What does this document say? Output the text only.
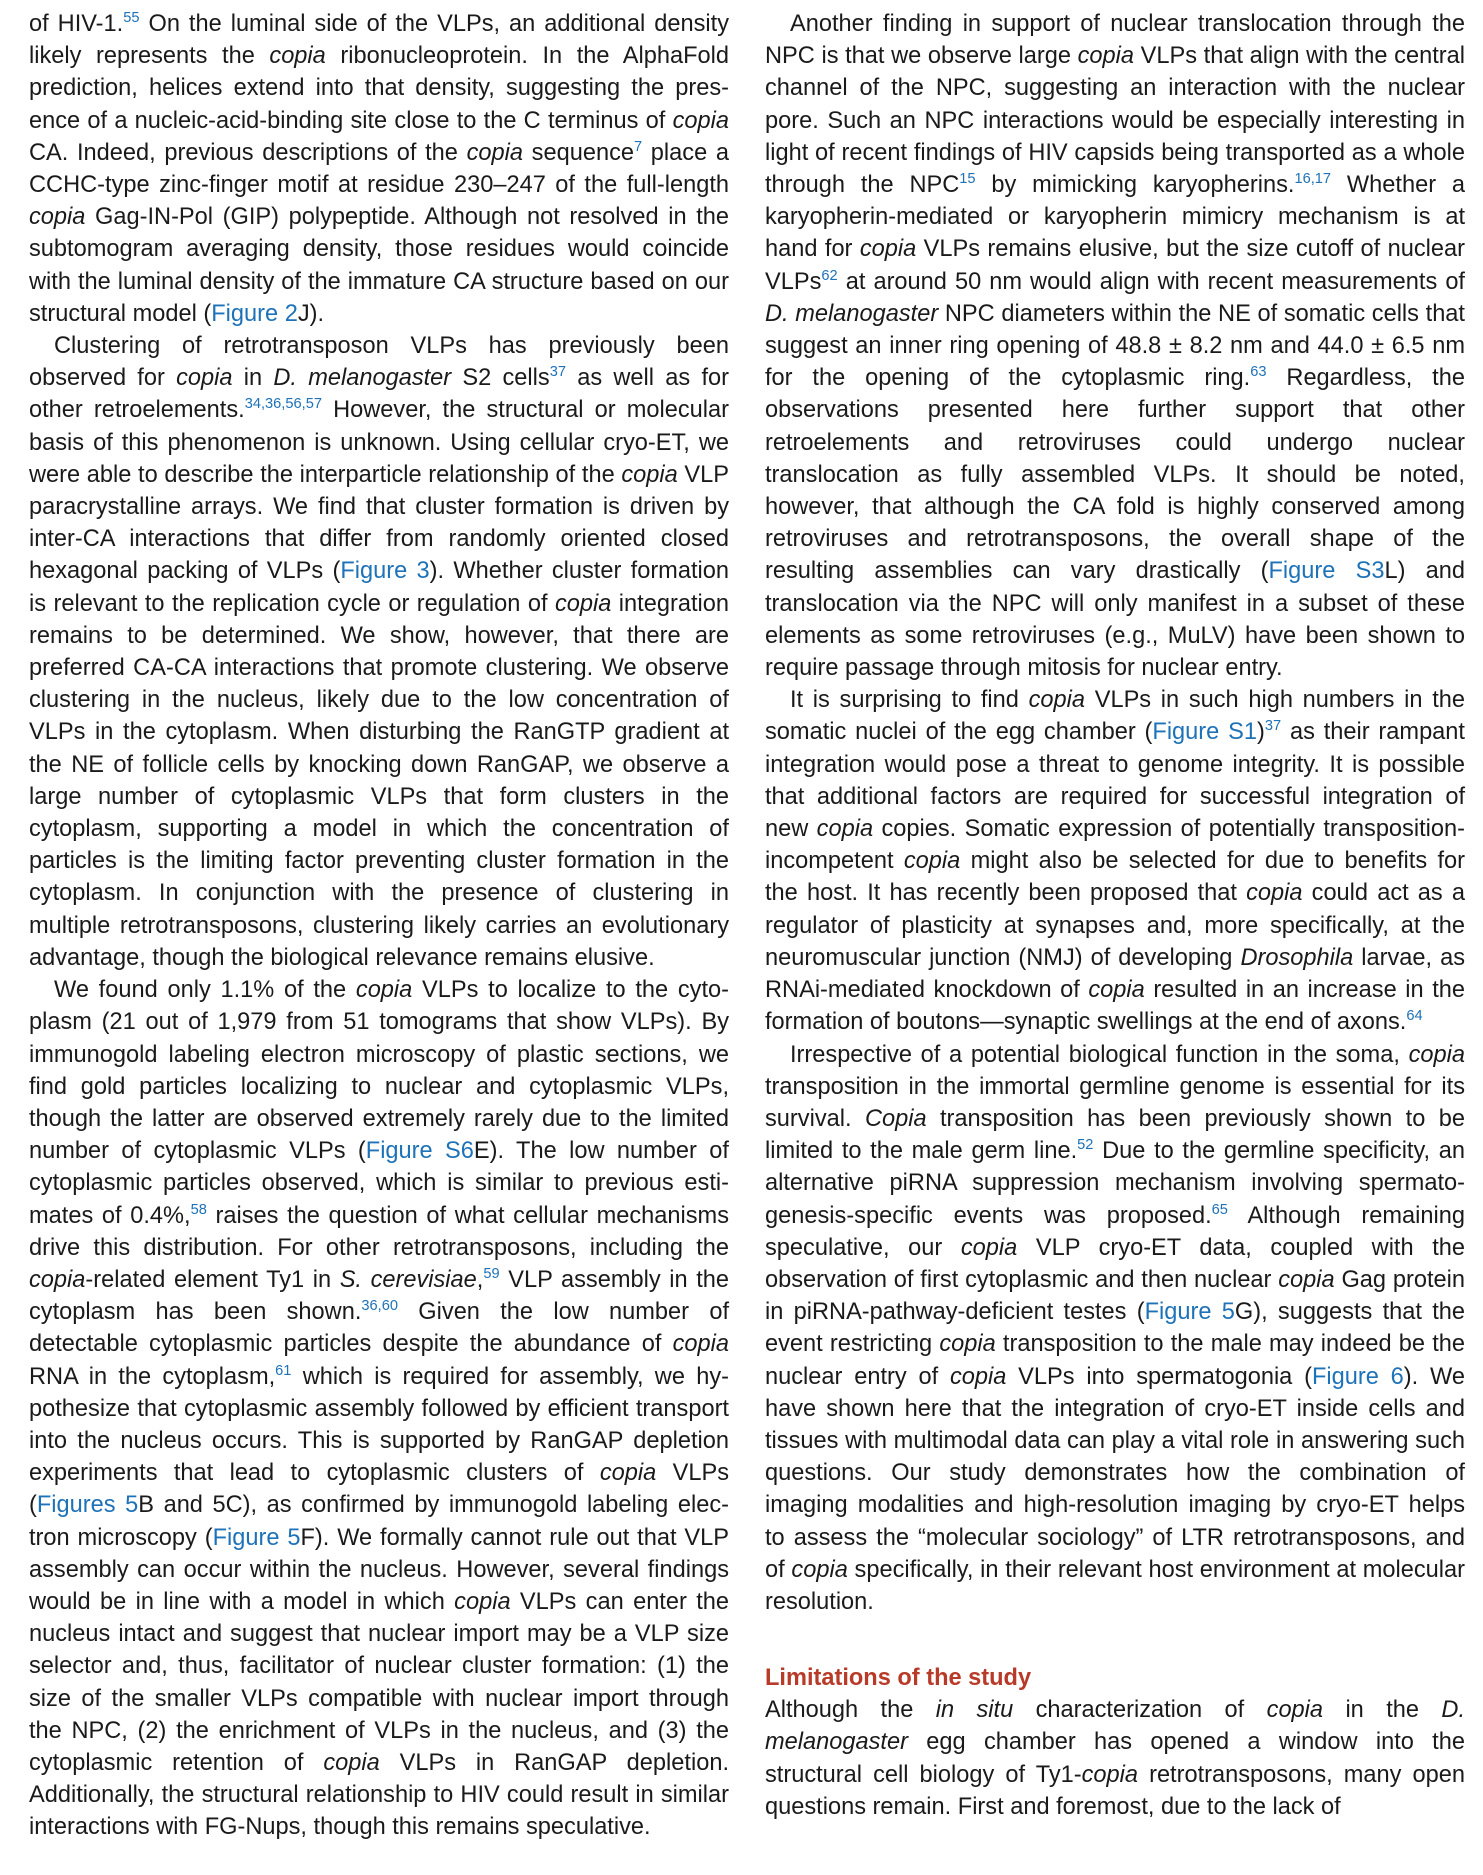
of HIV-1.55 On the luminal side of the VLPs, an additional density likely represents the copia ribonucleoprotein. In the AlphaFold prediction, helices extend into that density, suggesting the presence of a nucleic-acid-binding site close to the C terminus of copia CA. Indeed, previous descriptions of the copia sequence$^7$ place a CCHC-type zinc-finger motif at residue 230–247 of the full-length copia Gag-IN-Pol (GIP) polypeptide. Although not resolved in the subtomogram averaging density, those residues would coincide with the luminal density of the immature CA structure based on our structural model (Figure 2J).

Clustering of retrotransposon VLPs has previously been observed for copia in D. melanogaster S2 cells$^{37}$ as well as for other retroelements.$^{34,36,56,57}$ However, the structural or molecular basis of this phenomenon is unknown. Using cellular cryo-ET, we were able to describe the interparticle relationship of the copia VLP paracrystalline arrays. We find that cluster formation is driven by inter-CA interactions that differ from randomly oriented closed hexagonal packing of VLPs (Figure 3). Whether cluster formation is relevant to the replication cycle or regulation of copia integration remains to be determined. We show, however, that there are preferred CA-CA interactions that promote clustering. We observe clustering in the nucleus, likely due to the low concentration of VLPs in the cytoplasm. When disturbing the RanGTP gradient at the NE of follicle cells by knocking down RanGAP, we observe a large number of cytoplasmic VLPs that form clusters in the cytoplasm, supporting a model in which the concentration of particles is the limiting factor preventing cluster formation in the cytoplasm. In conjunction with the presence of clustering in multiple retrotransposons, clustering likely carries an evolutionary advantage, though the biological relevance remains elusive.

We found only 1.1% of the copia VLPs to localize to the cytoplasm (21 out of 1,979 from 51 tomograms that show VLPs). By immunogold labeling electron microscopy of plastic sections, we find gold particles localizing to nuclear and cytoplasmic VLPs, though the latter are observed extremely rarely due to the limited number of cytoplasmic VLPs (Figure S6E). The low number of cytoplasmic particles observed, which is similar to previous estimates of 0.4%,$^{58}$ raises the question of what cellular mechanisms drive this distribution. For other retrotransposons, including the copia-related element Ty1 in S. cerevisiae,$^{59}$ VLP assembly in the cytoplasm has been shown.$^{36,60}$ Given the low number of detectable cytoplasmic particles despite the abundance of copia RNA in the cytoplasm,$^{61}$ which is required for assembly, we hypothesize that cytoplasmic assembly followed by efficient transport into the nucleus occurs. This is supported by RanGAP depletion experiments that lead to cytoplasmic clusters of copia VLPs (Figures 5B and 5C), as confirmed by immunogold labeling electron microscopy (Figure 5F). We formally cannot rule out that VLP assembly can occur within the nucleus. However, several findings would be in line with a model in which copia VLPs can enter the nucleus intact and suggest that nuclear import may be a VLP size selector and, thus, facilitator of nuclear cluster formation: (1) the size of the smaller VLPs compatible with nuclear import through the NPC, (2) the enrichment of VLPs in the nucleus, and (3) the cytoplasmic retention of copia VLPs in RanGAP depletion. Additionally, the structural relationship to HIV could result in similar interactions with FG-Nups, though this remains speculative.

Another finding in support of nuclear translocation through the NPC is that we observe large copia VLPs that align with the central channel of the NPC, suggesting an interaction with the nuclear pore. Such an NPC interactions would be especially interesting in light of recent findings of HIV capsids being transported as a whole through the NPC$^{15}$ by mimicking karyopherins.$^{16,17}$ Whether a karyopherin-mediated or karyopherin mimicry mechanism is at hand for copia VLPs remains elusive, but the size cutoff of nuclear VLPs$^{62}$ at around 50 nm would align with recent measurements of D. melanogaster NPC diameters within the NE of somatic cells that suggest an inner ring opening of 48.8 ± 8.2 nm and 44.0 ± 6.5 nm for the opening of the cytoplasmic ring.$^{63}$ Regardless, the observations presented here further support that other retroelements and retroviruses could undergo nuclear translocation as fully assembled VLPs. It should be noted, however, that although the CA fold is highly conserved among retroviruses and retrotransposons, the overall shape of the resulting assemblies can vary drastically (Figure S3L) and translocation via the NPC will only manifest in a subset of these elements as some retroviruses (e.g., MuLV) have been shown to require passage through mitosis for nuclear entry.

It is surprising to find copia VLPs in such high numbers in the somatic nuclei of the egg chamber (Figure S1)$^{37}$ as their rampant integration would pose a threat to genome integrity. It is possible that additional factors are required for successful integration of new copia copies. Somatic expression of potentially transposition-incompetent copia might also be selected for due to benefits for the host. It has recently been proposed that copia could act as a regulator of plasticity at synapses and, more specifically, at the neuromuscular junction (NMJ) of developing Drosophila larvae, as RNAi-mediated knockdown of copia resulted in an increase in the formation of boutons—synaptic swellings at the end of axons.$^{64}$

Irrespective of a potential biological function in the soma, copia transposition in the immortal germline genome is essential for its survival. Copia transposition has been previously shown to be limited to the male germ line.$^{52}$ Due to the germline specificity, an alternative piRNA suppression mechanism involving spermatogenesis-specific events was proposed.$^{65}$ Although remaining speculative, our copia VLP cryo-ET data, coupled with the observation of first cytoplasmic and then nuclear copia Gag protein in piRNA-pathway-deficient testes (Figure 5G), suggests that the event restricting copia transposition to the male may indeed be the nuclear entry of copia VLPs into spermatogonia (Figure 6). We have shown here that the integration of cryo-ET inside cells and tissues with multimodal data can play a vital role in answering such questions. Our study demonstrates how the combination of imaging modalities and high-resolution imaging by cryo-ET helps to assess the “molecular sociology” of LTR retrotransposons, and of copia specifically, in their relevant host environment at molecular resolution.

Limitations of the study

Although the in situ characterization of copia in the D. melanogaster egg chamber has opened a window into the structural cell biology of Ty1-copia retrotransposons, many open questions remain. First and foremost, due to the lack of
